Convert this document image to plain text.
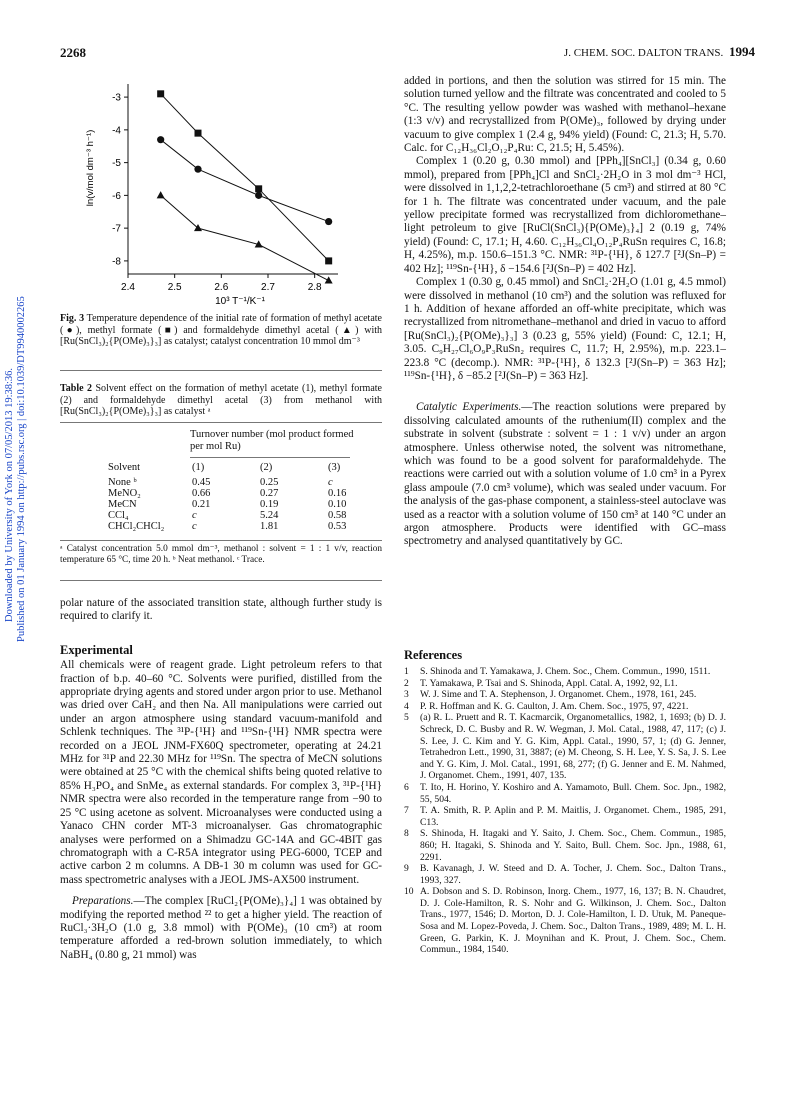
Downloaded by University of York on 07/05/2013 19:38:36. Published on 01 January 1994 on http://pubs.rsc.org | doi:10.1039/DT9940002265
2268	J. CHEM. SOC. DALTON TRANS. 1994
2.4	2.5	2.6	2.7	2.8
-3
-4
-5
-6
-7
-8
ln(v/mol dm⁻³ h⁻¹)
10³ T⁻¹/K⁻¹
Fig. 3 Temperature dependence of the initial rate of formation of methyl acetate (●), methyl formate (■) and formaldehyde dimethyl acetal (▲) with [Ru(SnCl₃)₂{P(OMe)₃}₃] as catalyst; catalyst concentration 10 mmol dm⁻³
Table 2 Solvent effect on the formation of methyl acetate (1), methyl formate (2) and formaldehyde dimethyl acetal (3) from methanol with [Ru(SnCl₃)₂{P(OMe)₃}₃] as catalyst ᵃ
Turnover number (mol product formed per mol Ru)
Solvent	(1)	(2)	(3)
None ᵇ	0.45	0.25	c
MeNO₂	0.66	0.27	0.16
MeCN	0.21	0.19	0.10
CCl₄	c	5.24	0.58
CHCl₂CHCl₂	c	1.81	0.53
ᵃ Catalyst concentration 5.0 mmol dm⁻³, methanol : solvent = 1 : 1 v/v, reaction temperature 65 °C, time 20 h. ᵇ Neat methanol. ᶜ Trace.

polar nature of the associated transition state, although further study is required to clarify it.

Experimental

All chemicals were of reagent grade. Light petroleum refers to that fraction of b.p. 40–60 °C. Solvents were purified, distilled from the appropriate drying agents and stored under argon prior to use. Methanol was dried over CaH₂ and then Na. All manipulations were carried out under an argon atmosphere using standard vacuum-manifold and Schlenk techniques. The ³¹P-{¹H} and ¹¹⁹Sn-{¹H} NMR spectra were recorded on a JEOL JNM-FX60Q spectrometer, operating at 24.21 MHz for ³¹P and 22.30 MHz for ¹¹⁹Sn. The spectra of MeCN solutions were obtained at 25 °C with the chemical shifts being quoted relative to 85% H₃PO₄ and SnMe₄ as external standards. For complex 3, ³¹P-{¹H} NMR spectra were also recorded in the temperature range from −90 to 25 °C using acetone as solvent. Microanalyses were conducted using a Yanaco CHN corder MT-3 microanalyser. Gas chromatographic analyses were performed on a Shimadzu GC-14A and GC-4BIT gas chromatograph with a C-R5A integrator using PEG-6000, TCEP and active carbon 2 m columns. A DB-1 30 m column was used for GC-mass spectrometric analyses with a JEOL JMS-AX500 instrument.

Preparations.—The complex [RuCl₂{P(OMe)₃}₄] 1 was obtained by modifying the reported method ²² to get a higher yield. The reaction of RuCl₃·3H₂O (1.0 g, 3.8 mmol) with P(OMe)₃ (10 cm³) at room temperature afforded a red-brown solution immediately, to which NaBH₄ (0.80 g, 21 mmol) was

added in portions, and then the solution was stirred for 15 min. The solution turned yellow and the filtrate was concentrated and cooled to 5 °C. The resulting yellow powder was washed with methanol–hexane (1:3 v/v) and recrystallized from P(OMe)₃, followed by drying under vacuum to give complex 1 (2.4 g, 94% yield) (Found: C, 21.3; H, 5.70. Calc. for C₁₂H₃₆Cl₂O₁₂P₄Ru: C, 21.5; H, 5.45%).

Complex 1 (0.20 g, 0.30 mmol) and [PPh₄][SnCl₃] (0.34 g, 0.60 mmol), prepared from [PPh₄]Cl and SnCl₂·2H₂O in 3 mol dm⁻³ HCl, were dissolved in 1,1,2,2-tetrachloroethane (5 cm³) and stirred at 80 °C for 1 h. The filtrate was concentrated under vacuum, and the pale yellow precipitate formed was recrystallized from dichloromethane–light petroleum to give [RuCl(SnCl₃){P(OMe)₃}₄] 2 (0.19 g, 74% yield) (Found: C, 17.1; H, 4.60. C₁₂H₃₆Cl₄O₁₂P₄RuSn requires C, 16.8; H, 4.25%), m.p. 150.6–151.3 °C. NMR: ³¹P-{¹H}, δ 127.7 [²J(Sn–P) = 402 Hz]; ¹¹⁹Sn-{¹H}, δ −154.6 [²J(Sn–P) = 402 Hz].

Complex 1 (0.30 g, 0.45 mmol) and SnCl₂·2H₂O (1.01 g, 4.5 mmol) were dissolved in methanol (10 cm³) and the solution was refluxed for 1 h. Addition of hexane afforded an off-white precipitate, which was recrystallized from nitromethane–methanol and dried in vacuo to afford [Ru(SnCl₃)₂{P(OMe)₃}₃] 3 (0.23 g, 55% yield) (Found: C, 12.1; H, 3.05. C₉H₂₇Cl₆O₉P₃RuSn₂ requires C, 11.7; H, 2.95%), m.p. 223.1–223.8 °C (decomp.). NMR: ³¹P-{¹H}, δ 132.3 [²J(Sn–P) = 363 Hz]; ¹¹⁹Sn-{¹H}, δ −85.2 [²J(Sn–P) = 363 Hz].

Catalytic Experiments.—The reaction solutions were prepared by dissolving calculated amounts of the ruthenium(II) complex and the substrate in solvent (substrate : solvent = 1 : 1 v/v) under an argon atmosphere. Unless otherwise noted, the solvent was nitromethane, which was found to be a good solvent for paraformaldehyde. The reactions were carried out with a solution volume of 1.0 cm³ in a Pyrex glass ampoule (7.0 cm³ volume), which was sealed under vacuum. For the analysis of the gas-phase component, a stainless-steel autoclave was used as a reactor with a solution volume of 150 cm³ at 140 °C under an argon atmosphere. Products were identified with GC–mass spectrometry and analysed quantitatively by GC.

References
1 S. Shinoda and T. Yamakawa, J. Chem. Soc., Chem. Commun., 1990, 1511.
2 T. Yamakawa, P. Tsai and S. Shinoda, Appl. Catal. A, 1992, 92, L1.
3 W. J. Sime and T. A. Stephenson, J. Organomet. Chem., 1978, 161, 245.
4 P. R. Hoffman and K. G. Caulton, J. Am. Chem. Soc., 1975, 97, 4221.
5 (a) R. L. Pruett and R. T. Kacmarcik, Organometallics, 1982, 1, 1693; (b) D. J. Schreck, D. C. Busby and R. W. Wegman, J. Mol. Catal., 1988, 47, 117; (c) J. S. Lee, J. C. Kim and Y. G. Kim, Appl. Catal., 1990, 57, 1; (d) G. Jenner, Tetrahedron Lett., 1990, 31, 3887; (e) M. Cheong, S. H. Lee, Y. S. Sa, J. S. Lee and Y. G. Kim, J. Mol. Catal., 1991, 68, 277; (f) G. Jenner and E. M. Nahmed, J. Organomet. Chem., 1991, 407, 135.
6 T. Ito, H. Horino, Y. Koshiro and A. Yamamoto, Bull. Chem. Soc. Jpn., 1982, 55, 504.
7 T. A. Smith, R. P. Aplin and P. M. Maitlis, J. Organomet. Chem., 1985, 291, C13.
8 S. Shinoda, H. Itagaki and Y. Saito, J. Chem. Soc., Chem. Commun., 1985, 860; H. Itagaki, S. Shinoda and Y. Saito, Bull. Chem. Soc. Jpn., 1988, 61, 2291.
9 B. Kavanagh, J. W. Steed and D. A. Tocher, J. Chem. Soc., Dalton Trans., 1993, 327.
10 A. Dobson and S. D. Robinson, Inorg. Chem., 1977, 16, 137; B. N. Chaudret, D. J. Cole-Hamilton, R. S. Nohr and G. Wilkinson, J. Chem. Soc., Dalton Trans., 1977, 1546; D. Morton, D. J. Cole-Hamilton, I. D. Utuk, M. Paneque-Sosa and M. Lopez-Poveda, J. Chem. Soc., Dalton Trans., 1989, 489; M. L. H. Green, G. Parkin, K. J. Moynihan and K. Prout, J. Chem. Soc., Chem. Commun., 1984, 1540.
